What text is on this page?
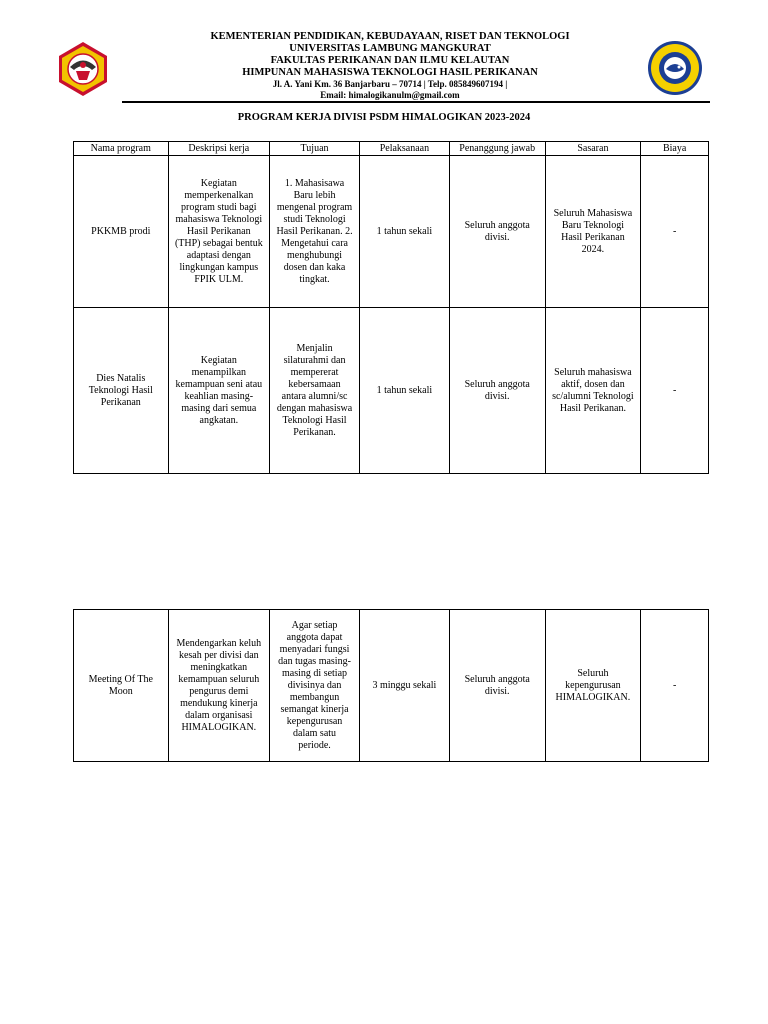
KEMENTERIAN PENDIDIKAN, KEBUDAYAAN, RISET DAN TEKNOLOGI
UNIVERSITAS LAMBUNG MANGKURAT
FAKULTAS PERIKANAN DAN ILMU KELAUTAN
HIMPUNAN MAHASISWA TEKNOLOGI HASIL PERIKANAN
Jl. A. Yani Km. 36 Banjarbaru – 70714 | Telp. 085849607194 |
Email: himalogikanulm@gmail.com
PROGRAM KERJA DIVISI PSDM HIMALOGIKAN 2023-2024
Nama program	Deskripsi kerja	Tujuan	Pelaksanaan	Penanggung jawab	Sasaran	Biaya
PKKMB prodi	Kegiatan memperkenalkan program studi bagi mahasiswa Teknologi Hasil Perikanan (THP) sebagai bentuk adaptasi dengan lingkungan kampus FPIK ULM.	1. Mahasisawa Baru lebih mengenal program studi Teknologi Hasil Perikanan. 2. Mengetahui cara menghubungi dosen dan kaka tingkat.	1 tahun sekali	Seluruh anggota divisi.	Seluruh Mahasiswa Baru Teknologi Hasil Perikanan 2024.	-
Dies Natalis Teknologi Hasil Perikanan	Kegiatan menampilkan kemampuan seni atau keahlian masing-masing dari semua angkatan.	Menjalin silaturahmi dan mempererat kebersamaan antara alumni/sc dengan mahasiswa Teknologi Hasil Perikanan.	1 tahun sekali	Seluruh anggota divisi.	Seluruh mahasiswa aktif, dosen dan sc/alumni Teknologi Hasil Perikanan.	-
Meeting Of The Moon	Mendengarkan keluh kesah per divisi dan meningkatkan kemampuan seluruh pengurus demi mendukung kinerja dalam organisasi HIMALOGIKAN.	Agar setiap anggota dapat menyadari fungsi dan tugas masing-masing di setiap divisinya dan membangun semangat kinerja kepengurusan dalam satu periode.	3 minggu sekali	Seluruh anggota divisi.	Seluruh kepengurusan HIMALOGIKAN.	-
